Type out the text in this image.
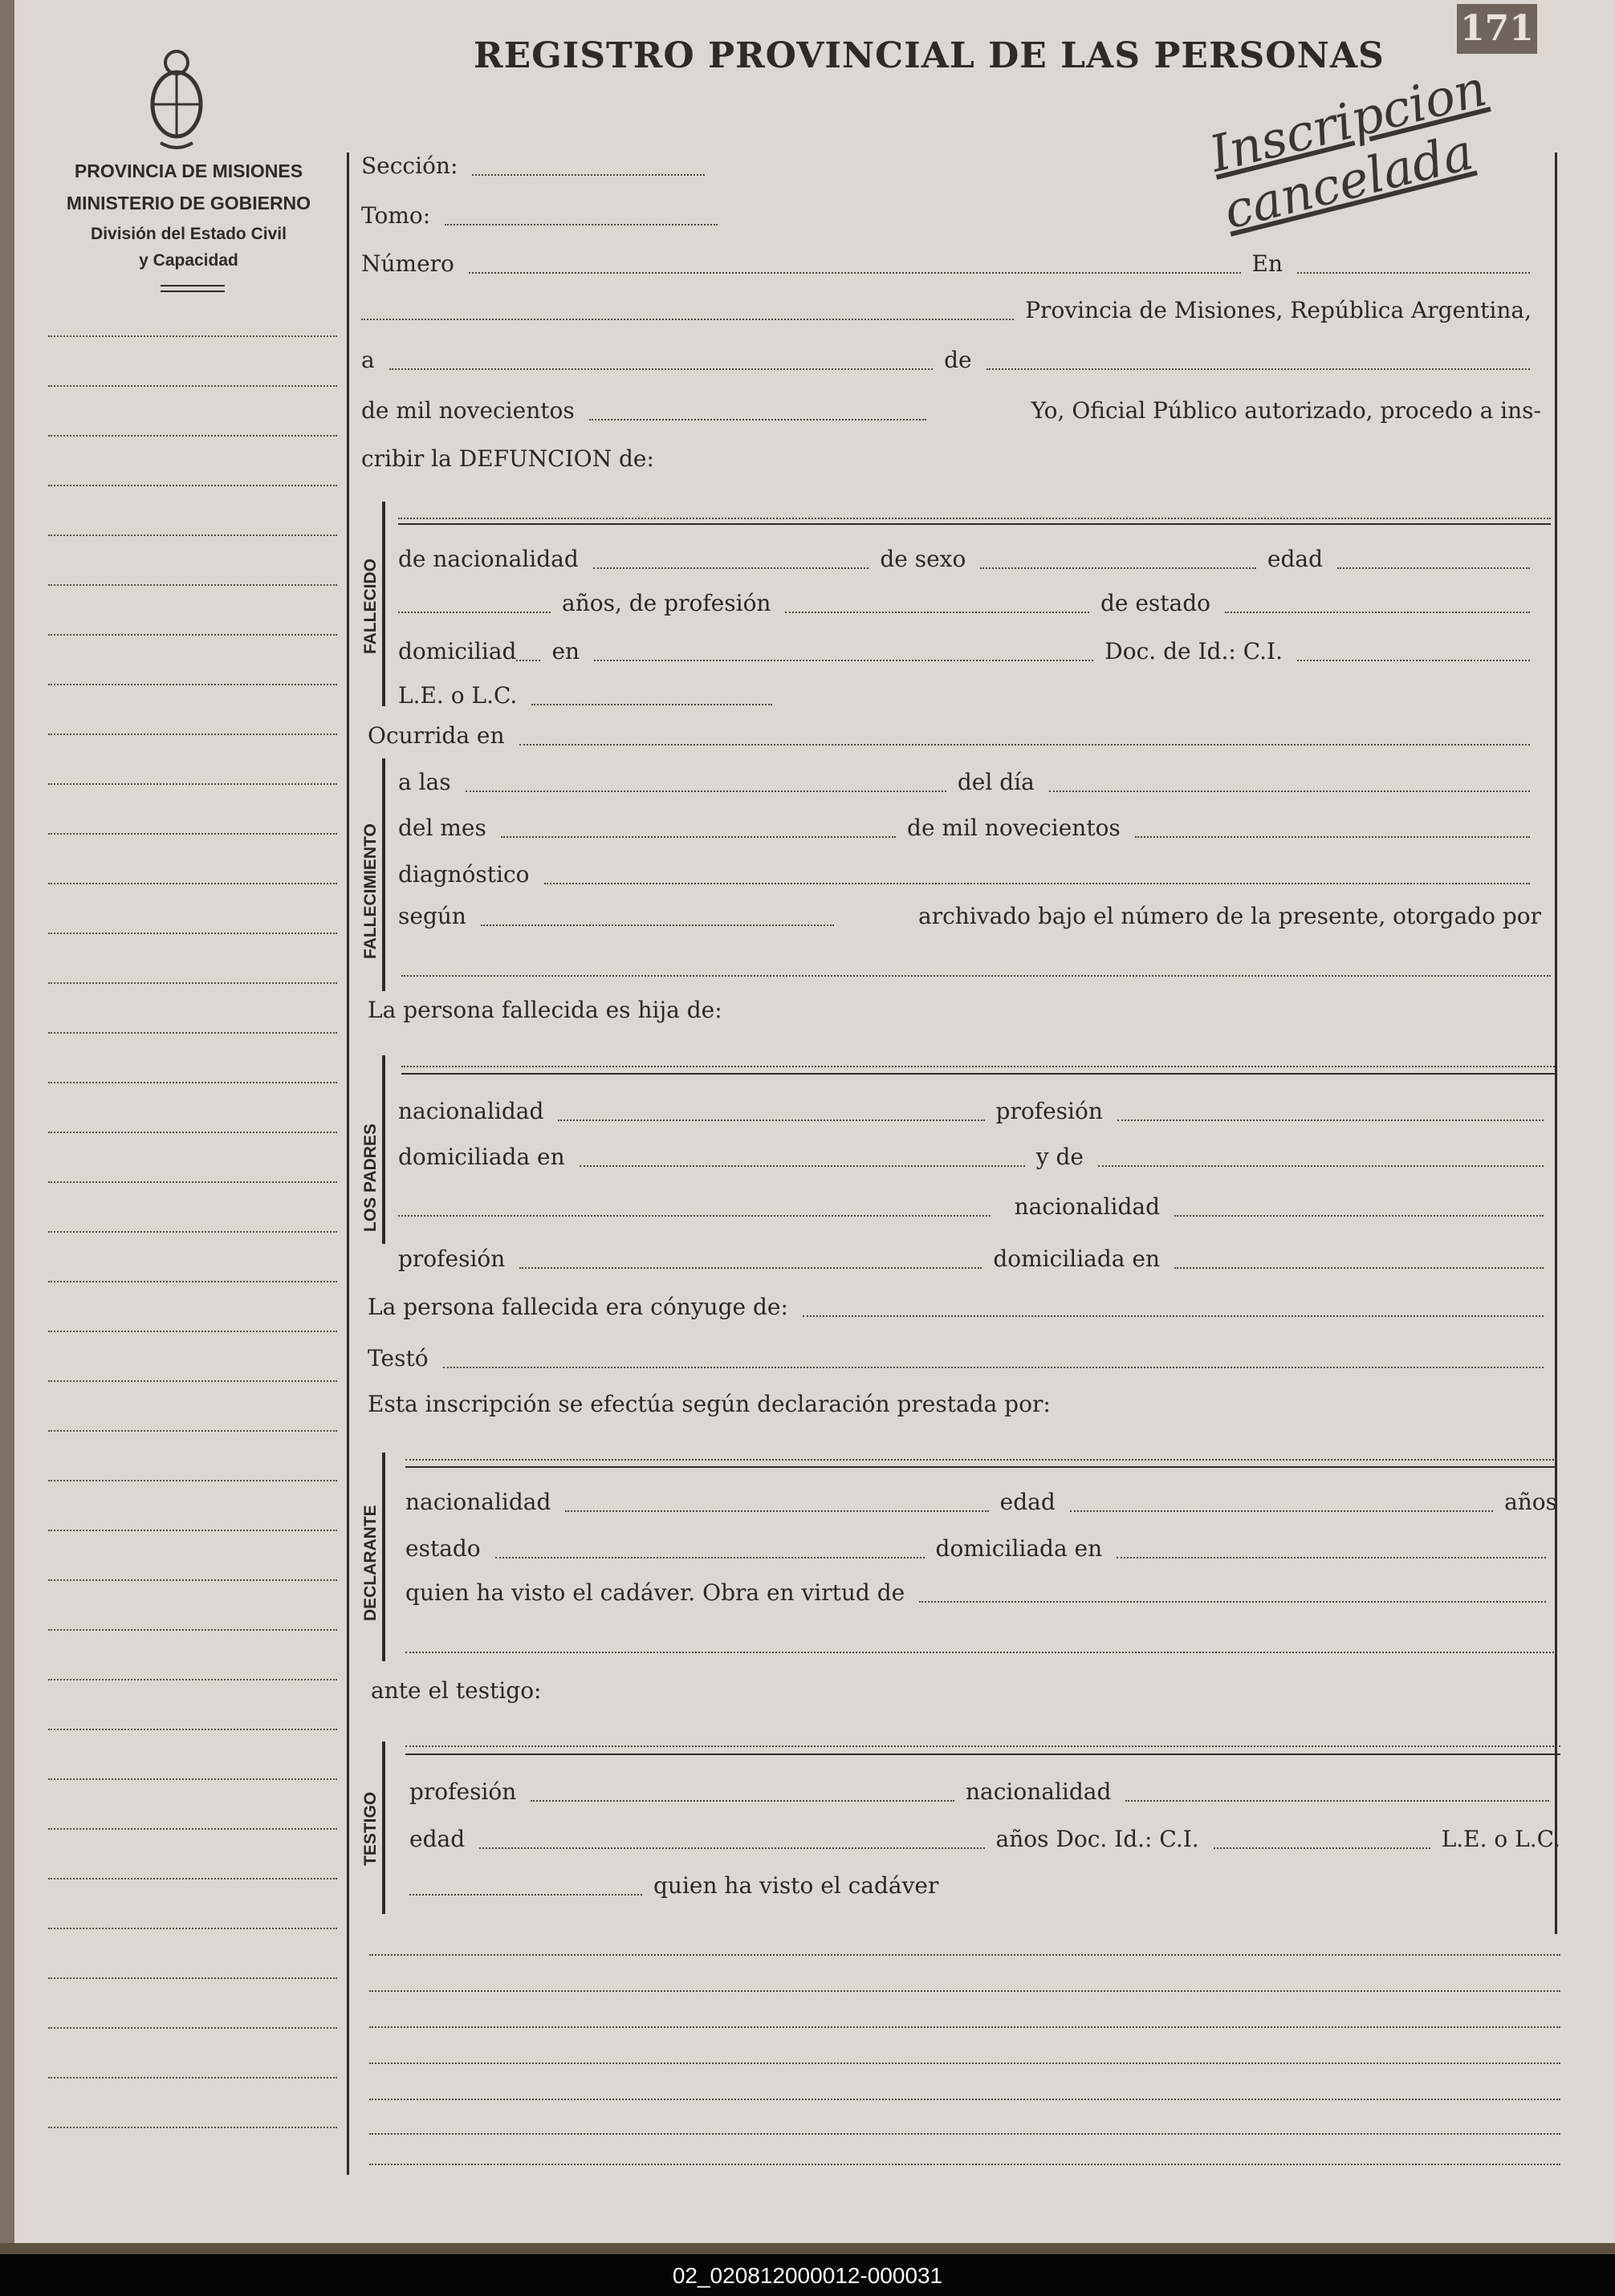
REGISTRO PROVINCIAL DE LAS PERSONAS
171
Inscripcion cancelada
PROVINCIA DE MISIONES
MINISTERIO DE GOBIERNO
División del Estado Civil
y Capacidad
Sección:
Tomo:
Número	En
Provincia de Misiones, República Argentina,
a	de
de mil novecientos	Yo, Oficial Público autorizado, procedo a ins-
cribir la DEFUNCION de:
FALLECIDO de nacionalidad	de sexo	edad
años, de profesión	de estado
domiciliad en	Doc. de Id.: C.I.
L.E. o L.C.
Ocurrida en
FALLECIMIENTO
a las	del día
del mes	de mil novecientos
diagnóstico
según	archivado bajo el número de la presente, otorgado por
La persona fallecida es hija de:
LOS PADRES
nacionalidad	profesión
domiciliada en	y de
nacionalidad
profesión	domiciliada en
La persona fallecida era cónyuge de:
Testó
Esta inscripción se efectúa según declaración prestada por:
DECLARANTE
nacionalidad	edad	años
estado	domiciliada en
quien ha visto el cadáver. Obra en virtud de
ante el testigo:
TESTIGO
profesión	nacionalidad
edad	años Doc. Id.: C.I.	L.E. o L.C.
quien ha visto el cadáver
02_020812000012-000031
